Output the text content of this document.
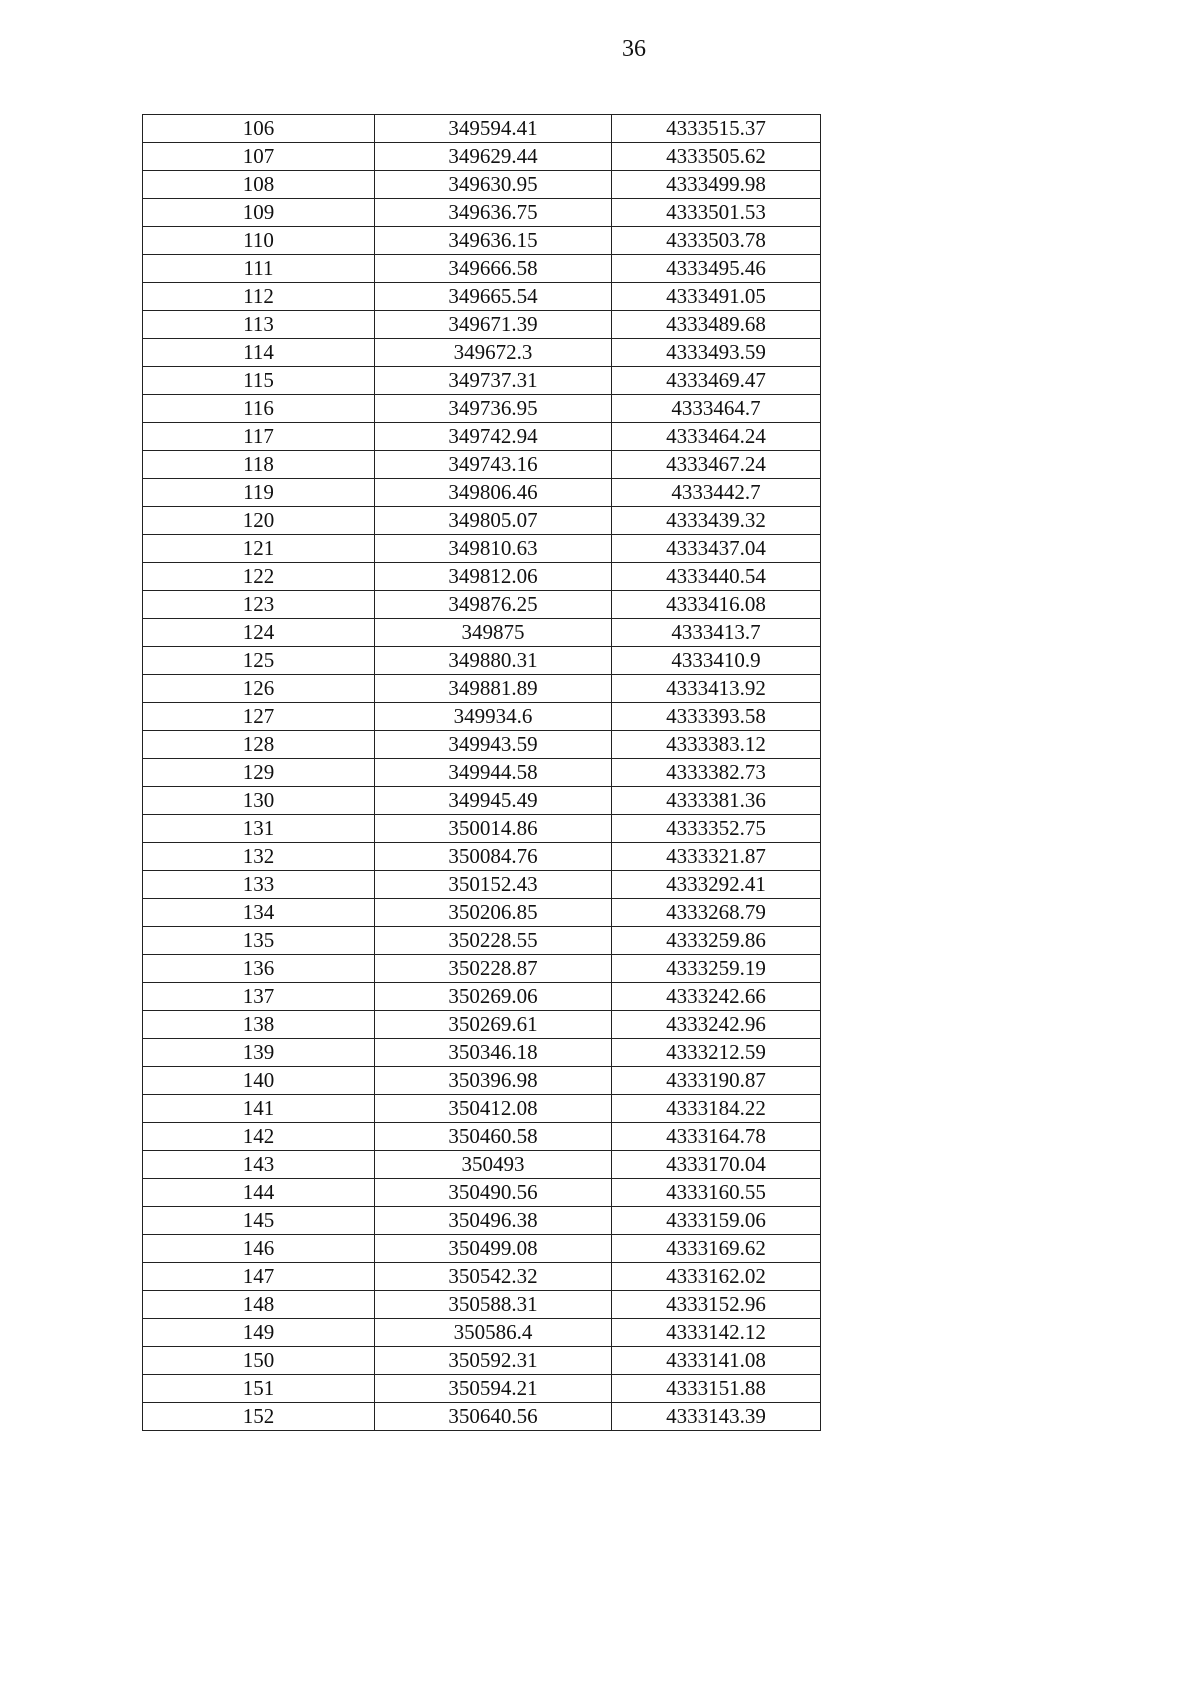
36
106	349594.41	4333515.37
107	349629.44	4333505.62
108	349630.95	4333499.98
109	349636.75	4333501.53
110	349636.15	4333503.78
111	349666.58	4333495.46
112	349665.54	4333491.05
113	349671.39	4333489.68
114	349672.3	4333493.59
115	349737.31	4333469.47
116	349736.95	4333464.7
117	349742.94	4333464.24
118	349743.16	4333467.24
119	349806.46	4333442.7
120	349805.07	4333439.32
121	349810.63	4333437.04
122	349812.06	4333440.54
123	349876.25	4333416.08
124	349875	4333413.7
125	349880.31	4333410.9
126	349881.89	4333413.92
127	349934.6	4333393.58
128	349943.59	4333383.12
129	349944.58	4333382.73
130	349945.49	4333381.36
131	350014.86	4333352.75
132	350084.76	4333321.87
133	350152.43	4333292.41
134	350206.85	4333268.79
135	350228.55	4333259.86
136	350228.87	4333259.19
137	350269.06	4333242.66
138	350269.61	4333242.96
139	350346.18	4333212.59
140	350396.98	4333190.87
141	350412.08	4333184.22
142	350460.58	4333164.78
143	350493	4333170.04
144	350490.56	4333160.55
145	350496.38	4333159.06
146	350499.08	4333169.62
147	350542.32	4333162.02
148	350588.31	4333152.96
149	350586.4	4333142.12
150	350592.31	4333141.08
151	350594.21	4333151.88
152	350640.56	4333143.39
